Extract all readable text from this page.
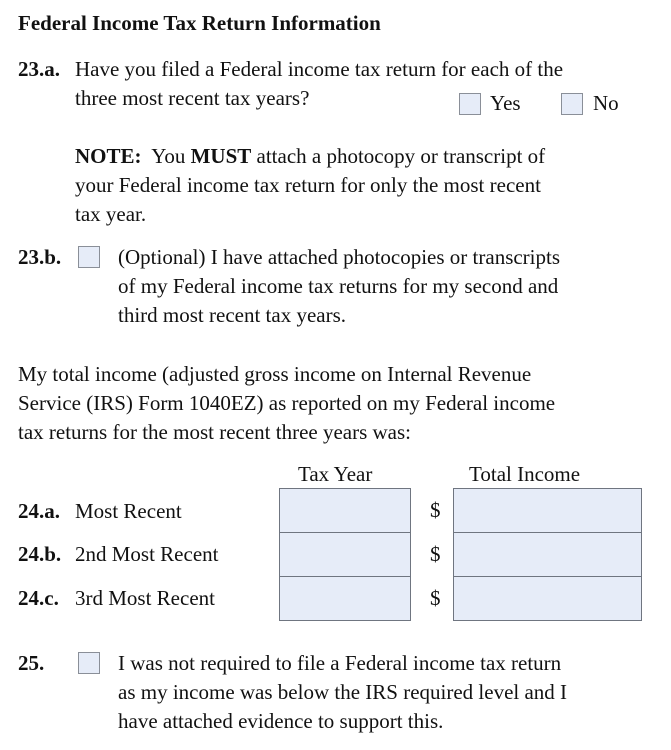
Federal Income Tax Return Information
23.a. Have you filed a Federal income tax return for each of the
three most recent tax years?	Yes	No
NOTE: You MUST attach a photocopy or transcript of
your Federal income tax return for only the most recent
tax year.
23.b.	(Optional) I have attached photocopies or transcripts
of my Federal income tax returns for my second and
third most recent tax years.
My total income (adjusted gross income on Internal Revenue
Service (IRS) Form 1040EZ) as reported on my Federal income
tax returns for the most recent three years was:
Tax Year	Total Income
24.a. Most Recent	$
24.b. 2nd Most Recent	$
24.c. 3rd Most Recent	$
25.	I was not required to file a Federal income tax return
as my income was below the IRS required level and I
have attached evidence to support this.
